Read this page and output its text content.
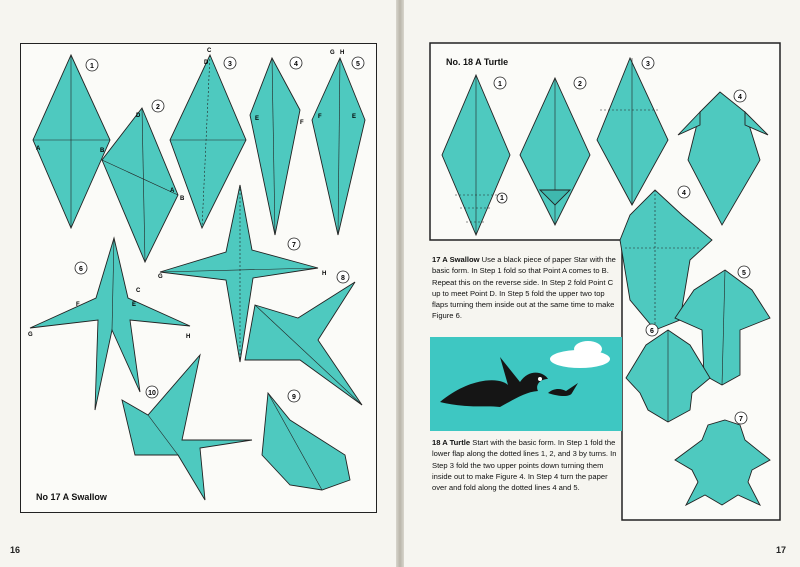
A	B
D
A
B
C
D
E
F
G H
F	E
F	E
G	H
C
G	H
1
2
3	4	5
6
7
8
9
10
1
1	2
3
4
4
5
6
7
No 17 A Swallow
16
No. 18 A Turtle
17 A Swallow Use a black piece of paper Star with the basic form. In Step 1 fold so that Point A comes to B. Repeat this on the reverse side. In Step 2 fold Point C up to meet Point D. In Step 5 fold the upper two top flaps turning them inside out at the same time to make Figure 6.
18 A Turtle Start with the basic form. In Step 1 fold the lower flap along the dotted lines 1, 2, and 3 by turns. In Step 3 fold the two upper points down turning them inside out to make Figure 4. In Step 4 turn the paper over and fold along the dotted lines 4 and 5.
17
